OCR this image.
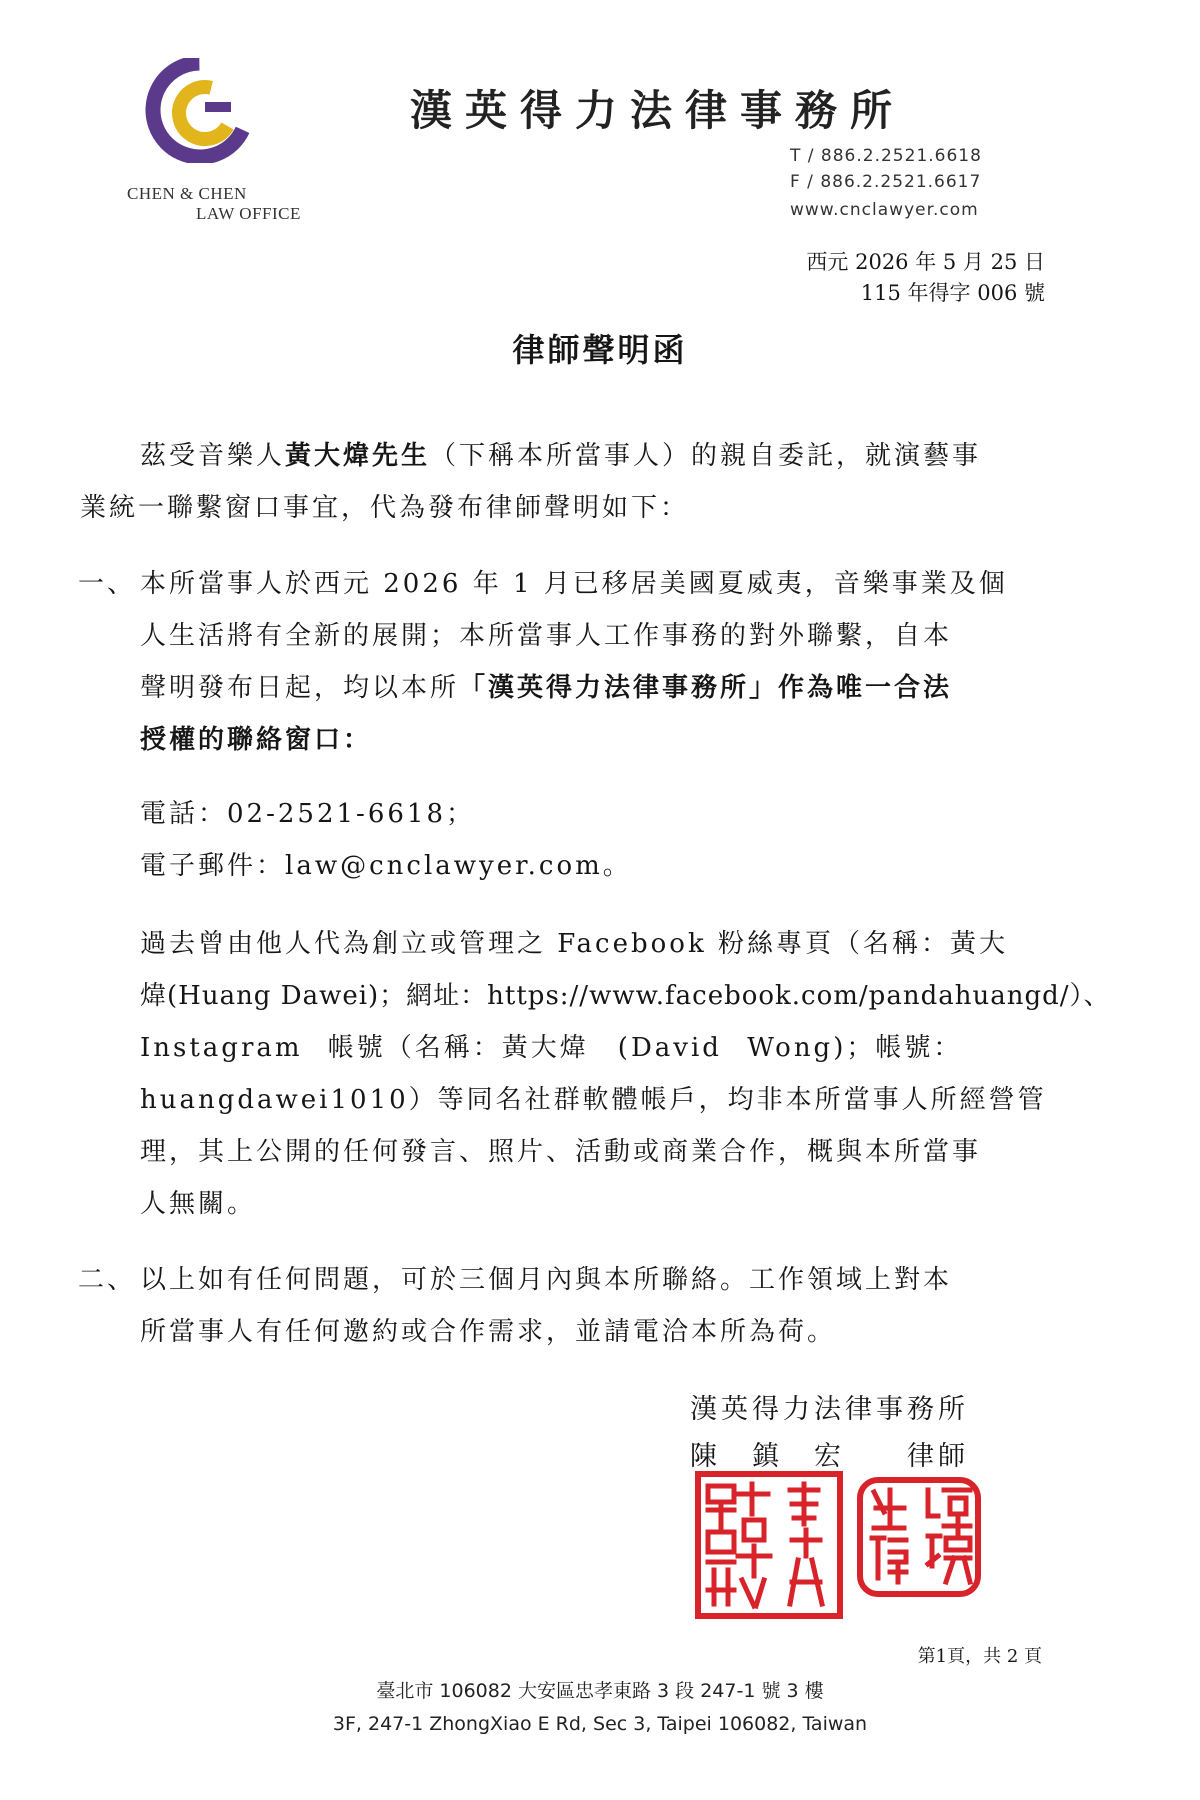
CHEN & CHEN
LAW OFFICE
漢英得力法律事務所
T / 886.2.2521.6618
F / 886.2.2521.6617
www.cnclawyer.com
西元 2026 年 5 月 25 日
115 年得字 006 號
律師聲明函
茲受音樂人黃大煒先生（下稱本所當事人）的親自委託，就演藝事
業統一聯繫窗口事宜，代為發布律師聲明如下：
一、 本所當事人於西元 2026 年 1 月已移居美國夏威夷，音樂事業及個
人生活將有全新的展開；本所當事人工作事務的對外聯繫，自本
聲明發布日起，均以本所「漢英得力法律事務所」作為唯一合法
授權的聯絡窗口：
電話：02-2521-6618；
電子郵件：law@cnclawyer.com。
過去曾由他人代為創立或管理之 Facebook 粉絲專頁（名稱：黃大
煒(Huang Dawei)；網址：https://www.facebook.com/pandahuangd/）、
Instagram 帳號（名稱：黃大煒　(David Wong)；帳號：
huangdawei1010）等同名社群軟體帳戶，均非本所當事人所經營管
理，其上公開的任何發言、照片、活動或商業合作，概與本所當事
人無關。
二、 以上如有任何問題，可於三個月內與本所聯絡。工作領域上對本
所當事人有任何邀約或合作需求，並請電洽本所為荷。
漢英得力法律事務所
陳　鎮　宏　　律師
第1頁，共 2 頁
臺北市 106082 大安區忠孝東路 3 段 247-1 號 3 樓
3F, 247-1 ZhongXiao E Rd, Sec 3, Taipei 106082, Taiwan
